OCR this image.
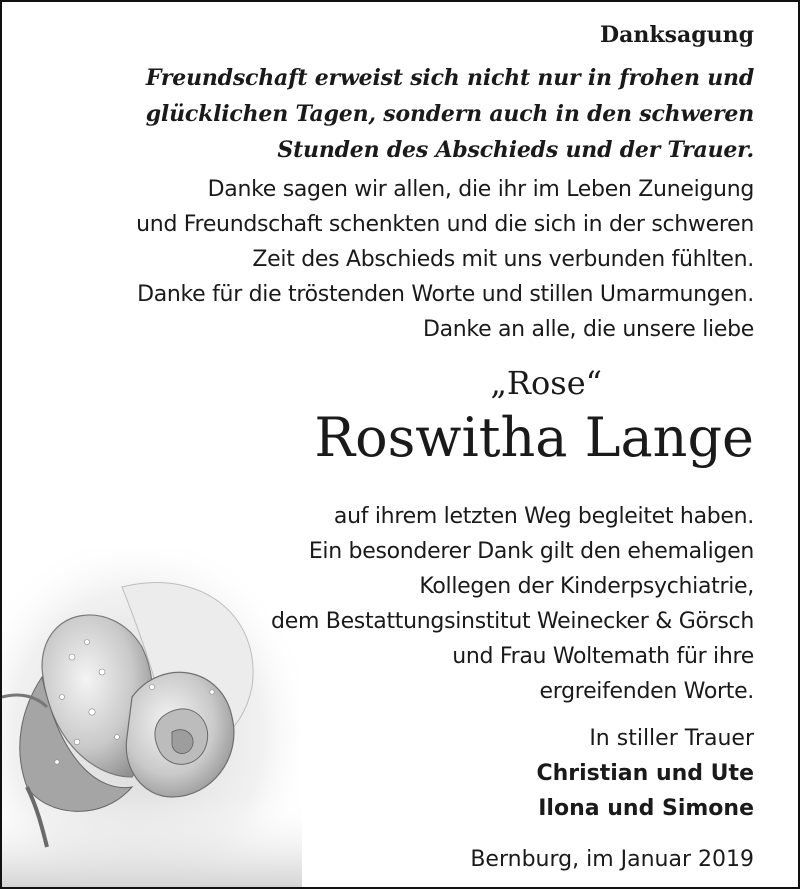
Danksagung
Freundschaft erweist sich nicht nur in frohen und
glücklichen Tagen, sondern auch in den schweren
Stunden des Abschieds und der Trauer.
Danke sagen wir allen, die ihr im Leben Zuneigung
und Freundschaft schenkten und die sich in der schweren
Zeit des Abschieds mit uns verbunden fühlten.
Danke für die tröstenden Worte und stillen Umarmungen.
Danke an alle, die unsere liebe
„Rose“
Roswitha Lange
auf ihrem letzten Weg begleitet haben.
Ein besonderer Dank gilt den ehemaligen
Kollegen der Kinderpsychiatrie,
dem Bestattungsinstitut Weinecker & Görsch
und Frau Woltemath für ihre
ergreifenden Worte.
In stiller Trauer
Christian und Ute
Ilona und Simone
Bernburg, im Januar 2019
